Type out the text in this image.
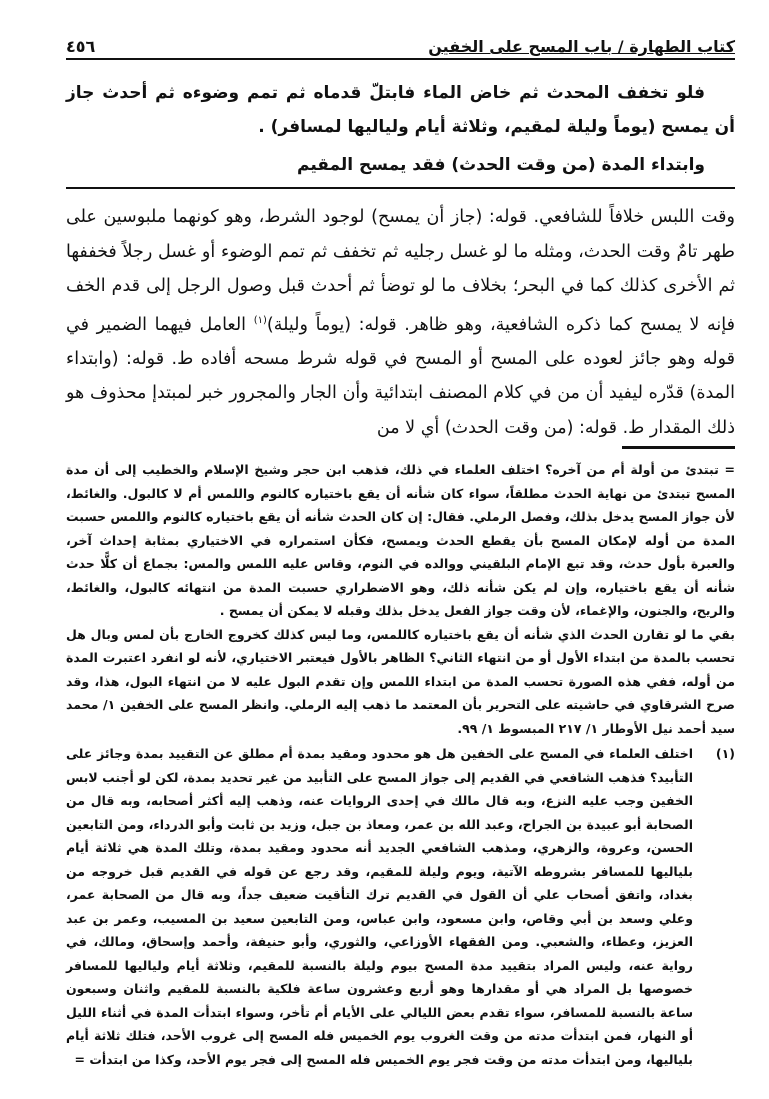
كتاب الطهارة / باب المسح على الخفين
٤٥٦

فلو تخفف المحدث ثم خاض الماء فابتلّ قدماه ثم تمم وضوءه ثم أحدث جاز أن يمسح (يوماً وليلة لمقيم، وثلاثة أيام ولياليها لمسافر) .

وابتداء المدة (من وقت الحدث) فقد يمسح المقيم

وقت اللبس خلافاً للشافعي. قوله: (جاز أن يمسح) لوجود الشرط، وهو كونهما ملبوسين على طهر تامٌ وقت الحدث، ومثله ما لو غسل رجليه ثم تخفف ثم تمم الوضوء أو غسل رجلاً فخففها ثم الأخرى كذلك كما في البحر؛ بخلاف ما لو توضأ ثم أحدث قبل وصول الرجل إلى قدم الخف فإنه لا يمسح كما ذكره الشافعية، وهو ظاهر. قوله: (يوماً وليلة)$^{(١)}$ العامل فيهما الضمير في قوله وهو جائز لعوده على المسح أو المسح في قوله شرط مسحه أفاده ط. قوله: (وابتداء المدة) قدّره ليفيد أن من في كلام المصنف ابتدائية وأن الجار والمجرور خبر لمبتدإ محذوف هو ذلك المقدار ط. قوله: (من وقت الحدث) أي لا من

= تبتدئ من أولة أم من آخره؟ اختلف العلماء في ذلك، فذهب ابن حجر وشيخ الإسلام والخطيب إلى أن مدة المسح تبتدئ من نهاية الحدث مطلقاً، سواء كان شأنه أن يقع باختياره كالنوم واللمس أم لا كالبول. والغائط، لأن جواز المسح يدخل بذلك، وفصل الرملي. فقال: إن كان الحدث شأنه أن يقع باختياره كالنوم واللمس حسبت المدة من أوله لإمكان المسح بأن يقطع الحدث ويمسح، فكأن استمراره في الاختياري بمثابة إحداث آخر، والعبرة بأول حدث، وقد تبع الإمام البلقيني ووالده في النوم، وقاس عليه اللمس والمس: بجماع أن كلًّا حدث شأنه أن يقع باختياره، وإن لم يكن شأنه ذلك، وهو الاضطراري حسبت المدة من انتهائه كالبول، والغائط، والريح، والجنون، والإغماء، لأن وقت جواز الفعل يدخل بذلك وقبله لا يمكن أن يمسح .

بقي ما لو تقارن الحدث الذي شأنه أن يقع باختياره كاللمس، وما ليس كذلك كخروج الخارج بأن لمس وبال هل تحسب بالمدة من ابتداء الأول أو من انتهاء الثاني؟ الظاهر بالأول فيعتبر الاختياري، لأنه لو انفرد اعتبرت المدة من أوله، ففي هذه الصورة تحسب المدة من ابتداء اللمس وإن تقدم البول عليه لا من انتهاء البول، هذا، وقد صرح الشرقاوي في حاشيته على التحرير بأن المعتمد ما ذهب إليه الرملي. وانظر المسح على الخفين ١/ محمد سيد أحمد نيل الأوطار ١/ ٢١٧ المبسوط ١/ ٩٩.

(١)
اختلف العلماء في المسح على الخفين هل هو محدود ومقيد بمدة أم مطلق عن التقييد بمدة وجائز على التأبيد؟ فذهب الشافعي في القديم إلى جواز المسح على التأبيد من غير تحديد بمدة، لكن لو أجنب لابس الخفين وجب عليه النزع، وبه قال مالك في إحدى الروايات عنه، وذهب إليه أكثر أصحابه، وبه قال من الصحابة أبو عبيدة بن الجراح، وعبد الله بن عمر، ومعاذ بن جبل، وزيد بن ثابت وأبو الدرداء، ومن التابعين الحسن، وعروة، والزهري، ومذهب الشافعي الجديد أنه محدود ومقيد بمدة، وتلك المدة هي ثلاثة أيام بلياليها للمسافر بشروطه الآتية، ويوم وليلة للمقيم، وقد رجع عن قوله في القديم قبل خروجه من بغداد، واتفق أصحاب علي أن القول في القديم ترك التأقيت ضعيف جداً، وبه قال من الصحابة عمر، وعلي وسعد بن أبي وقاص، وابن مسعود، وابن عباس، ومن التابعين سعيد بن المسيب، وعمر بن عبد العزيز، وعطاء، والشعبي. ومن الفقهاء الأوزاعي، والثوري، وأبو حنيفة، وأحمد وإسحاق، ومالك، في رواية عنه، وليس المراد بتقييد مدة المسح بيوم وليلة بالنسبة للمقيم، وثلاثة أيام ولياليها للمسافر خصوصها بل المراد هي أو مقدارها وهو أربع وعشرون ساعة فلكية بالنسبة للمقيم واثنان وسبعون ساعة بالنسبة للمسافر، سواء تقدم بعض الليالي على الأيام أم تأخر، وسواء ابتدأت المدة في أثناء الليل أو النهار، فمن ابتدأت مدته من وقت الغروب يوم الخميس فله المسح إلى غروب الأحد، فتلك ثلاثة أيام بلياليها، ومن ابتدأت مدته من وقت فجر يوم الخميس فله المسح إلى فجر يوم الأحد، وكذا من ابتدأت =
